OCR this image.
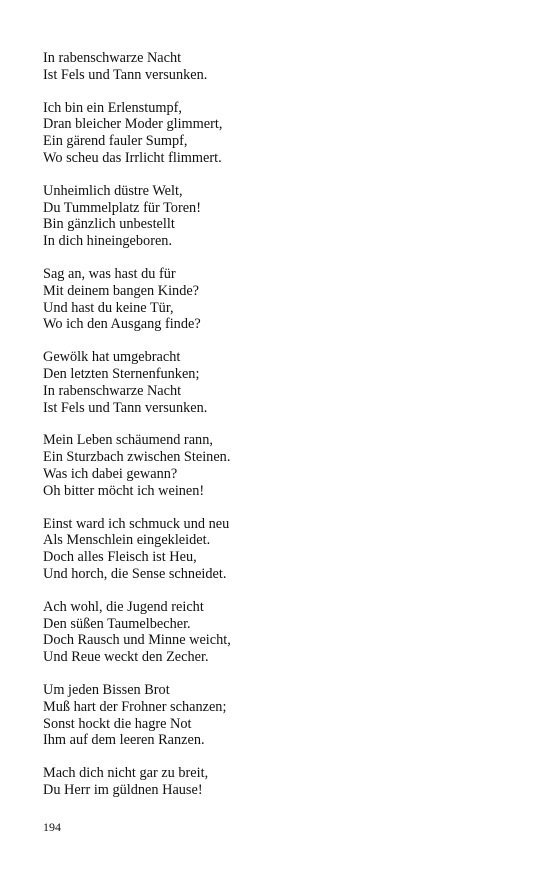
In rabenschwarze Nacht
Ist Fels und Tann versunken.
Ich bin ein Erlenstumpf,
Dran bleicher Moder glimmert,
Ein gärend fauler Sumpf,
Wo scheu das Irrlicht flimmert.
Unheimlich düstre Welt,
Du Tummelplatz für Toren!
Bin gänzlich unbestellt
In dich hineingeboren.
Sag an, was hast du für
Mit deinem bangen Kinde?
Und hast du keine Tür,
Wo ich den Ausgang finde?
Gewölk hat umgebracht
Den letzten Sternenfunken;
In rabenschwarze Nacht
Ist Fels und Tann versunken.
Mein Leben schäumend rann,
Ein Sturzbach zwischen Steinen.
Was ich dabei gewann?
Oh bitter möcht ich weinen!
Einst ward ich schmuck und neu
Als Menschlein eingekleidet.
Doch alles Fleisch ist Heu,
Und horch, die Sense schneidet.
Ach wohl, die Jugend reicht
Den süßen Taumelbecher.
Doch Rausch und Minne weicht,
Und Reue weckt den Zecher.
Um jeden Bissen Brot
Muß hart der Frohner schanzen;
Sonst hockt die hagre Not
Ihm auf dem leeren Ranzen.
Mach dich nicht gar zu breit,
Du Herr im güldnen Hause!
194
